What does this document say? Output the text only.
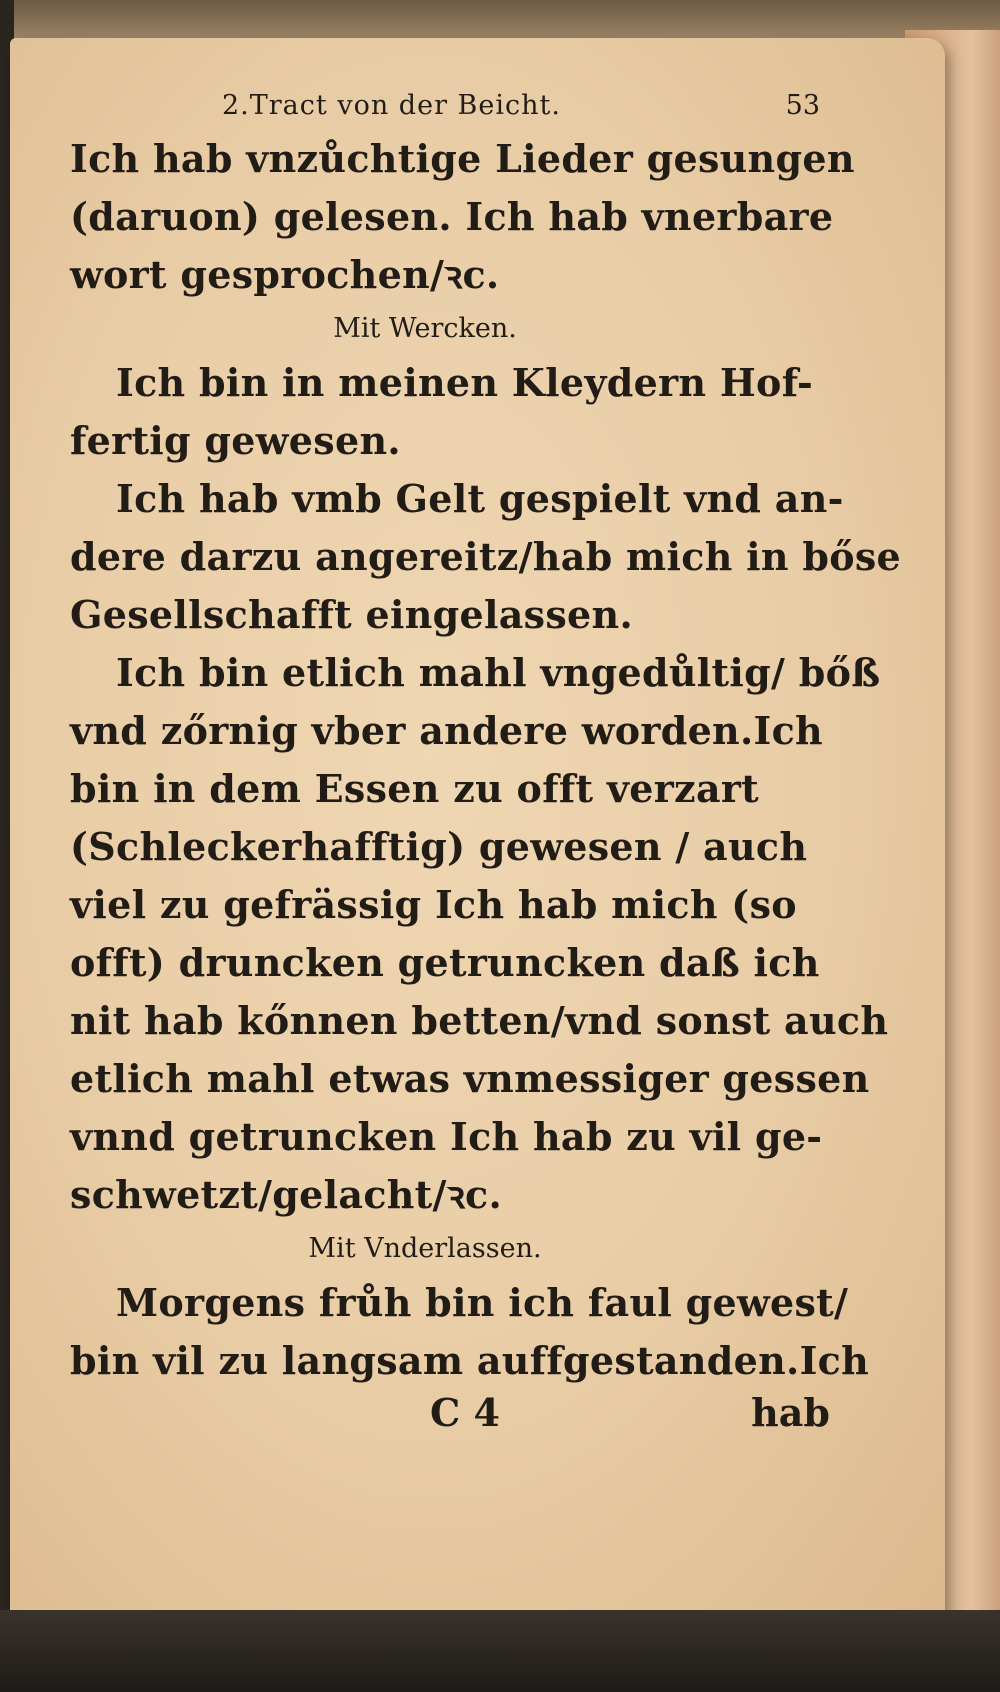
2.Tract von der Beicht.	53
Ich hab vnzůchtige Lieder gesungen
(daruon) gelesen. Ich hab vnerbare
wort gesprochen/ꝛc.
Mit Wercken.
Ich bin in meinen Kleydern Hof-
fertig gewesen.
Ich hab vmb Gelt gespielt vnd an-
dere darzu angereitz/hab mich in bőse
Gesellschafft eingelassen.
Ich bin etlich mahl vngedůltig/ bőß
vnd zőrnig vber andere worden.Ich
bin in dem Essen zu offt verzart
(Schleckerhafftig) gewesen / auch
viel zu gefrässig Ich hab mich (so
offt) druncken getruncken daß ich
nit hab kőnnen betten/vnd sonst auch
etlich mahl etwas vnmessiger gessen
vnnd getruncken Ich hab zu vil ge-
schwetzt/gelacht/ꝛc.
Mit Vnderlassen.
Morgens frůh bin ich faul gewest/
bin vil zu langsam auffgestanden.Ich
C 4	hab
